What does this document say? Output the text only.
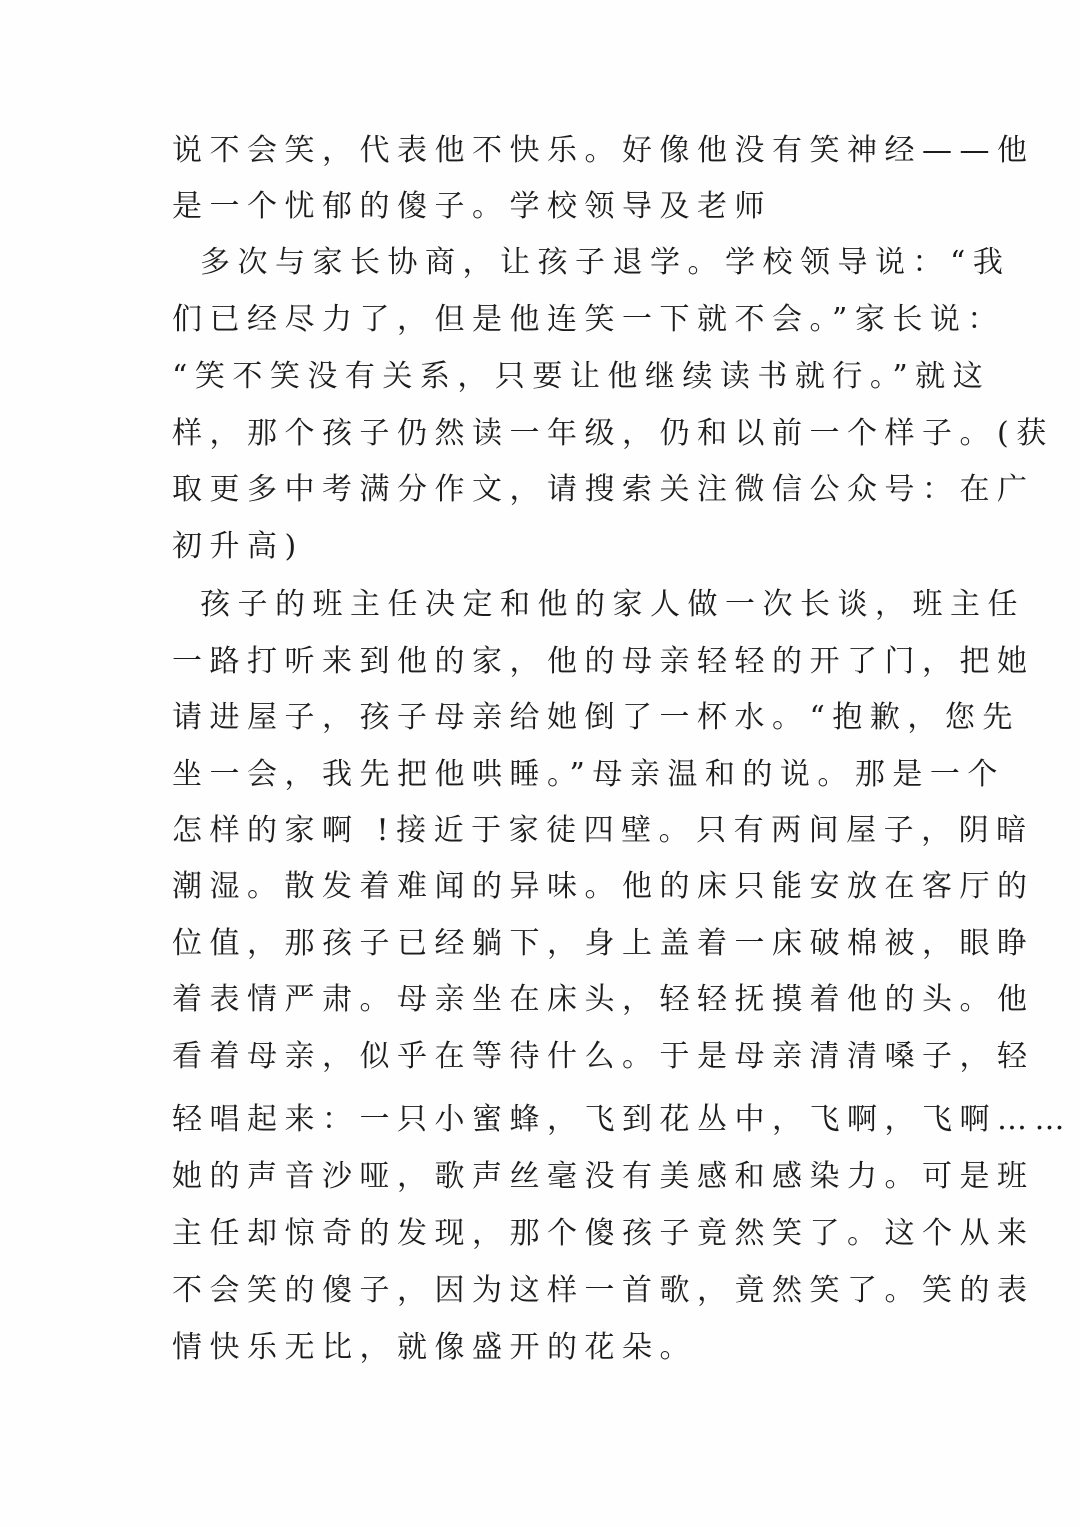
说不会笑，代表他不快乐。好像他没有笑神经——他
是一个忧郁的傻子。学校领导及老师
多次与家长协商，让孩子退学。学校领导说：“我
们已经尽力了，但是他连笑一下就不会。”家长说：
“笑不笑没有关系，只要让他继续读书就行。”就这
样，那个孩子仍然读一年级，仍和以前一个样子。(获
取更多中考满分作文，请搜索关注微信公众号：在广
初升高)
孩子的班主任决定和他的家人做一次长谈，班主任
一路打听来到他的家，他的母亲轻轻的开了门，把她
请进屋子，孩子母亲给她倒了一杯水。“抱歉，您先
坐一会，我先把他哄睡。”母亲温和的说。那是一个
怎样的家啊 !接近于家徒四壁。只有两间屋子，阴暗
潮湿。散发着难闻的异味。他的床只能安放在客厅的
位值，那孩子已经躺下，身上盖着一床破棉被，眼睁
着表情严肃。母亲坐在床头，轻轻抚摸着他的头。他
看着母亲，似乎在等待什么。于是母亲清清嗓子，轻
轻唱起来：一只小蜜蜂，飞到花丛中，飞啊，飞啊……
她的声音沙哑，歌声丝毫没有美感和感染力。可是班
主任却惊奇的发现，那个傻孩子竟然笑了。这个从来
不会笑的傻子，因为这样一首歌，竟然笑了。笑的表
情快乐无比，就像盛开的花朵。
